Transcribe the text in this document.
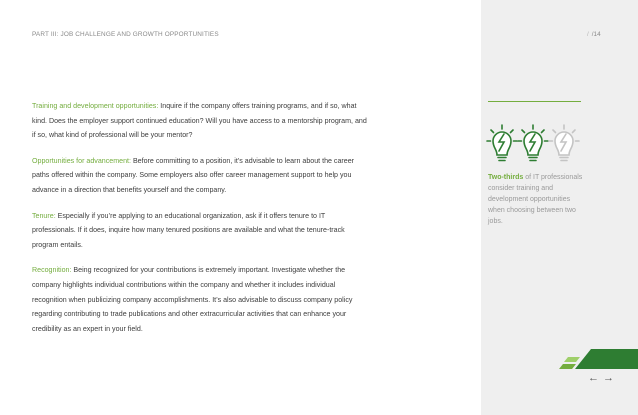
PART III: JOB CHALLENGE AND GROWTH OPPORTUNITIES	/ /14

Training and development opportunities: Inquire if the company offers training programs, and if so, what kind. Does the employer support continued education? Will you have access to a mentorship program, and if so, what kind of professional will be your mentor?

Opportunities for advancement: Before committing to a position, it’s advisable to learn about the career paths offered within the company. Some employers also offer career management support to help you advance in a direction that benefits yourself and the company.

Tenure: Especially if you’re applying to an educational organization, ask if it offers tenure to IT professionals. If it does, inquire how many tenured positions are available and what the tenure-track program entails.

Recognition: Being recognized for your contributions is extremely important. Investigate whether the company highlights individual contributions within the company and whether it includes individual recognition when publicizing company accomplishments. It’s also advisable to discuss company policy regarding contributing to trade publications and other extracurricular activities that can enhance your credibility as an expert in your field.

Two-thirds of IT professionals consider training and development opportunities when choosing between two jobs.
← →
